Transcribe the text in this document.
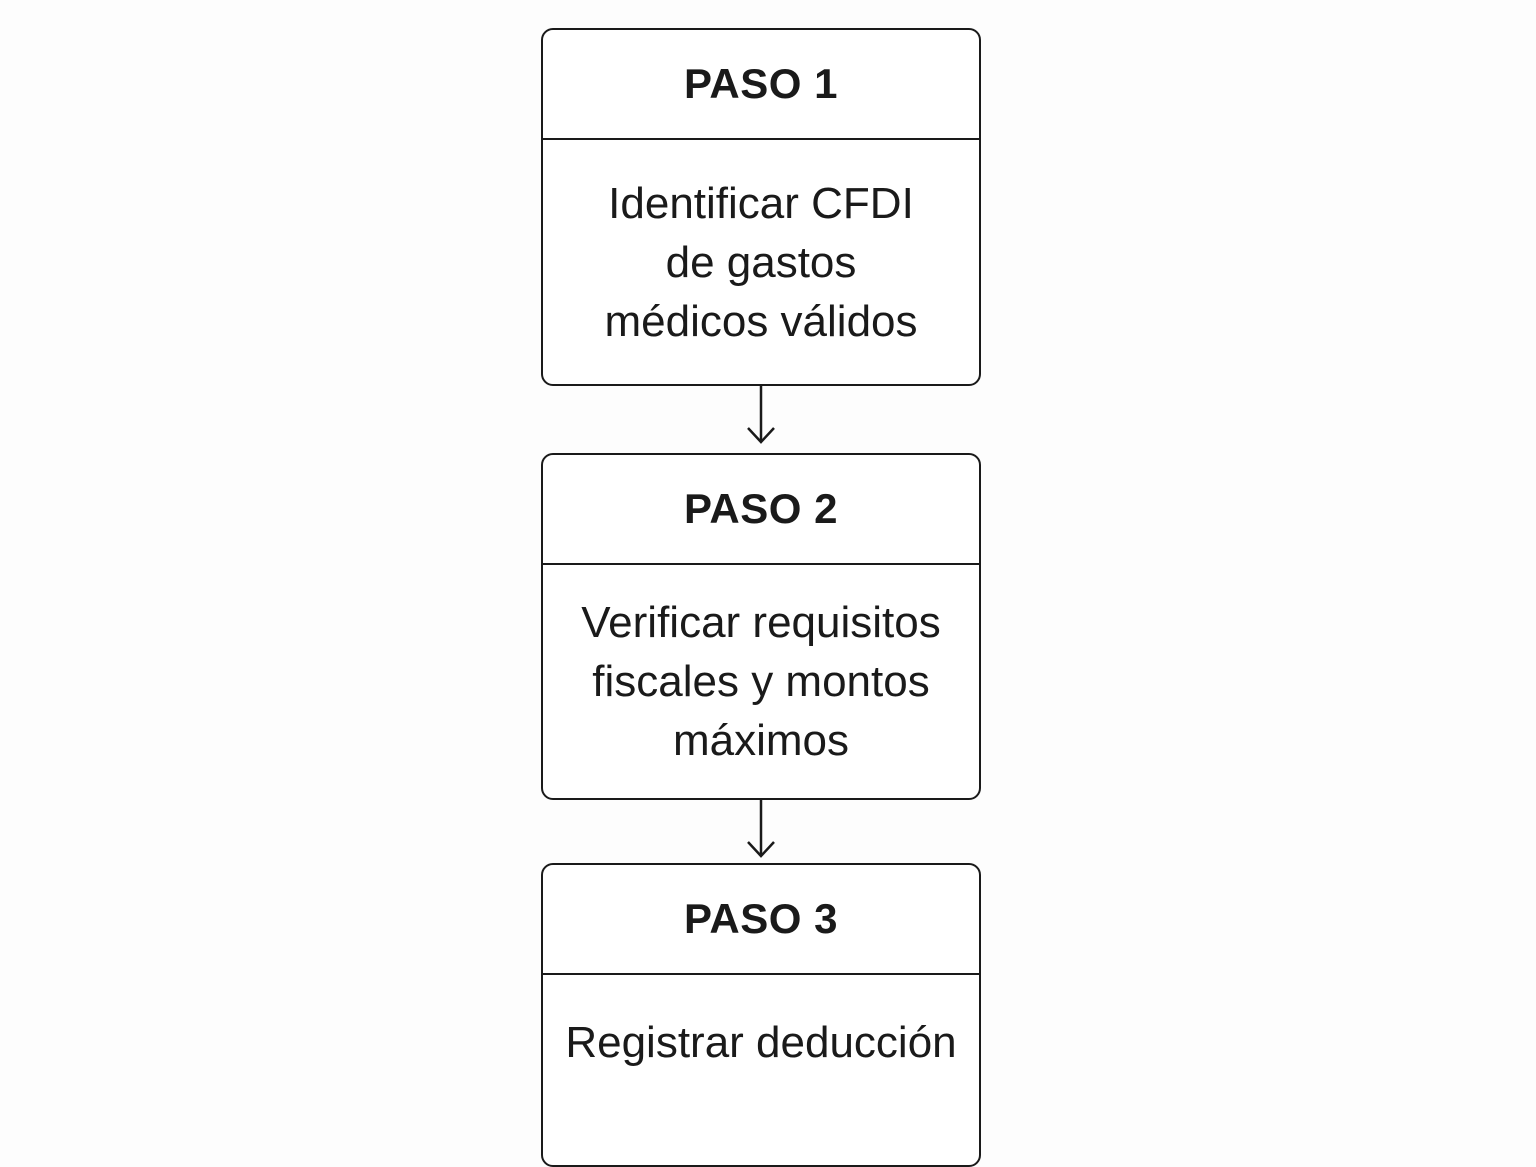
PASO 1
Identificar CFDI de gastos médicos válidos
PASO 2
Verificar requisitos fiscales y montos máximos
PASO 3
Registrar deducción
